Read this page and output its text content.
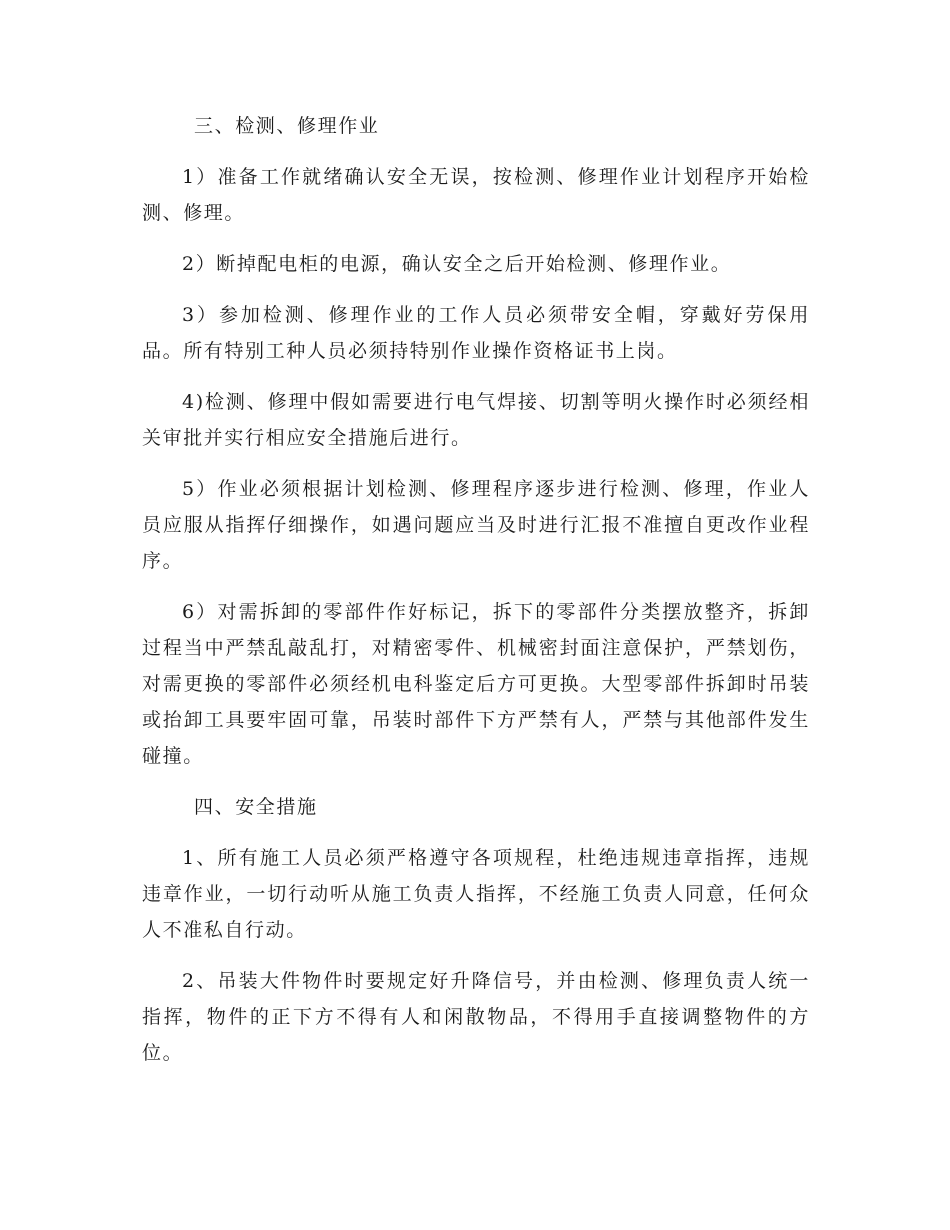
三、检测、修理作业
1）准备工作就绪确认安全无误，按检测、修理作业计划程序开始检测、修理。
2）断掉配电柜的电源，确认安全之后开始检测、修理作业。
3）参加检测、修理作业的工作人员必须带安全帽，穿戴好劳保用品。所有特别工种人员必须持特别作业操作资格证书上岗。
4)检测、修理中假如需要进行电气焊接、切割等明火操作时必须经相关审批并实行相应安全措施后进行。
5）作业必须根据计划检测、修理程序逐步进行检测、修理，作业人员应服从指挥仔细操作，如遇问题应当及时进行汇报不准擅自更改作业程序。
6）对需拆卸的零部件作好标记，拆下的零部件分类摆放整齐，拆卸过程当中严禁乱敲乱打，对精密零件、机械密封面注意保护，严禁划伤，对需更换的零部件必须经机电科鉴定后方可更换。大型零部件拆卸时吊装或抬卸工具要牢固可靠，吊装时部件下方严禁有人，严禁与其他部件发生碰撞。
四、安全措施
1、所有施工人员必须严格遵守各项规程，杜绝违规违章指挥，违规违章作业，一切行动听从施工负责人指挥，不经施工负责人同意，任何众人不准私自行动。
2、吊装大件物件时要规定好升降信号，并由检测、修理负责人统一指挥，物件的正下方不得有人和闲散物品，不得用手直接调整物件的方位。
